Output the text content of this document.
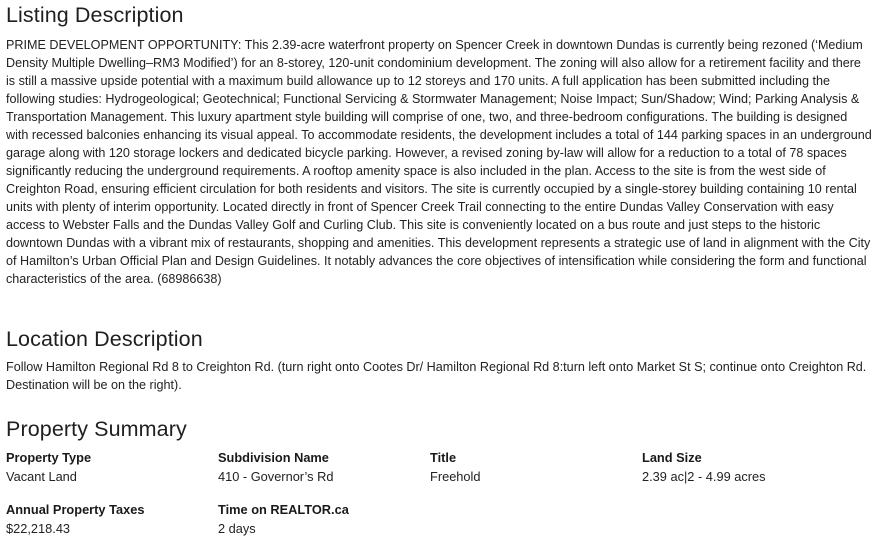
Listing Description

PRIME DEVELOPMENT OPPORTUNITY: This 2.39-acre waterfront property on Spencer Creek in downtown Dundas is currently being rezoned (‘Medium Density Multiple Dwelling–RM3 Modified’) for an 8-storey, 120-unit condominium development. The zoning will also allow for a retirement facility and there is still a massive upside potential with a maximum build allowance up to 12 storeys and 170 units. A full application has been submitted including the following studies: Hydrogeological; Geotechnical; Functional Servicing & Stormwater Management; Noise Impact; Sun/Shadow; Wind; Parking Analysis & Transportation Management. This luxury apartment style building will comprise of one, two, and three-bedroom configurations. The building is designed with recessed balconies enhancing its visual appeal. To accommodate residents, the development includes a total of 144 parking spaces in an underground garage along with 120 storage lockers and dedicated bicycle parking. However, a revised zoning by-law will allow for a reduction to a total of 78 spaces significantly reducing the underground requirements. A rooftop amenity space is also included in the plan. Access to the site is from the west side of Creighton Road, ensuring efficient circulation for both residents and visitors. The site is currently occupied by a single-storey building containing 10 rental units with plenty of interim opportunity. Located directly in front of Spencer Creek Trail connecting to the entire Dundas Valley Conservation with easy access to Webster Falls and the Dundas Valley Golf and Curling Club. This site is conveniently located on a bus route and just steps to the historic downtown Dundas with a vibrant mix of restaurants, shopping and amenities. This development represents a strategic use of land in alignment with the City of Hamilton’s Urban Official Plan and Design Guidelines. It notably advances the core objectives of intensification while considering the form and functional characteristics of the area. (68986638)

Location Description

Follow Hamilton Regional Rd 8 to Creighton Rd. (turn right onto Cootes Dr/ Hamilton Regional Rd 8:turn left onto Market St S; continue onto Creighton Rd. Destination will be on the right).

Property Summary
Property Type
Vacant Land
Subdivision Name
410 - Governor’s Rd
Title
Freehold
Land Size
2.39 ac|2 - 4.99 acres
Annual Property Taxes
$22,218.43
Time on REALTOR.ca
2 days
